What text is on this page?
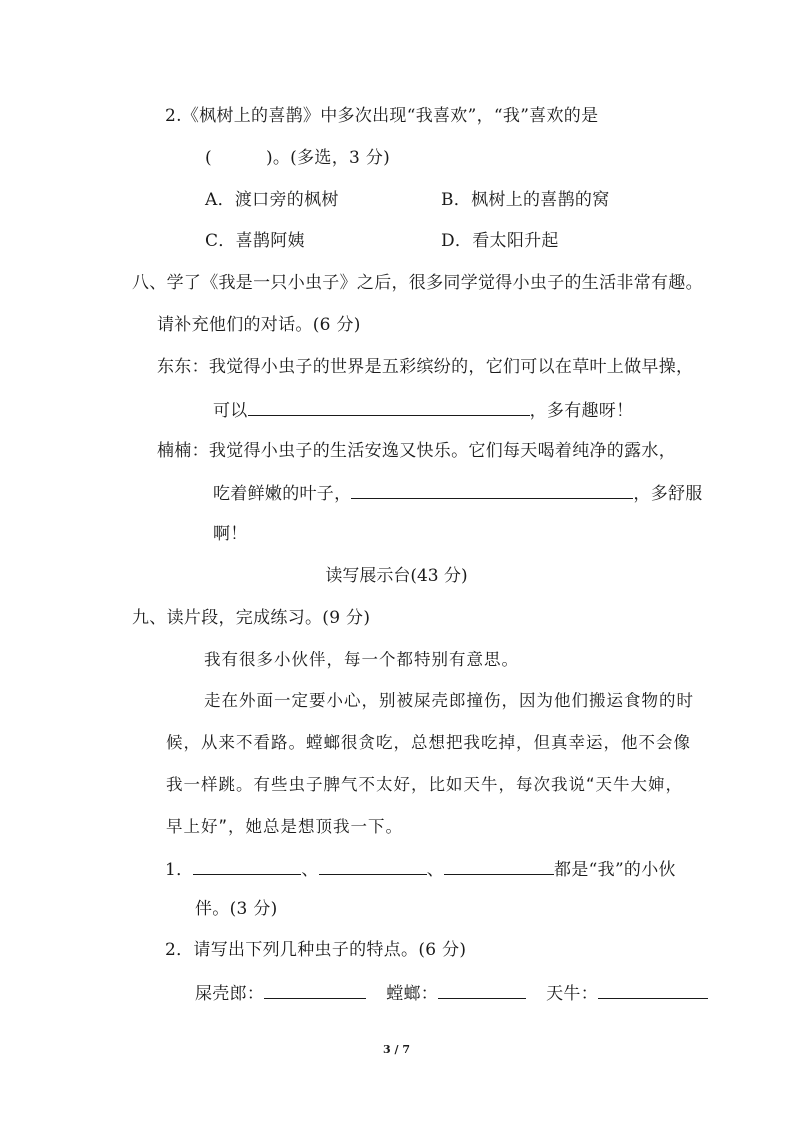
2.《枫树上的喜鹊》中多次出现“我喜欢”，“我”喜欢的是
(	)。(多选，3 分)
A．渡口旁的枫树	B．枫树上的喜鹊的窝
C．喜鹊阿姨	D．看太阳升起
八、学了《我是一只小虫子》之后，很多同学觉得小虫子的生活非常有趣。
请补充他们的对话。(6 分)
东东：我觉得小虫子的世界是五彩缤纷的，它们可以在草叶上做早操，
可以	，多有趣呀！
楠楠：我觉得小虫子的生活安逸又快乐。它们每天喝着纯净的露水，
吃着鲜嫩的叶子，	，多舒服
啊！
读写展示台(43 分)
九、读片段，完成练习。(9 分)
我有很多小伙伴，每一个都特别有意思。
走在外面一定要小心，别被屎壳郎撞伤，因为他们搬运食物的时
候，从来不看路。螳螂很贪吃，总想把我吃掉，但真幸运，他不会像
我一样跳。有些虫子脾气不太好，比如天牛，每次我说“天牛大婶，
早上好”，她总是想顶我一下。
1．	、	、	都是“我”的小伙
伴。(3 分)
2．请写出下列几种虫子的特点。(6 分)
屎壳郎：	螳螂：	天牛：
3 / 7
